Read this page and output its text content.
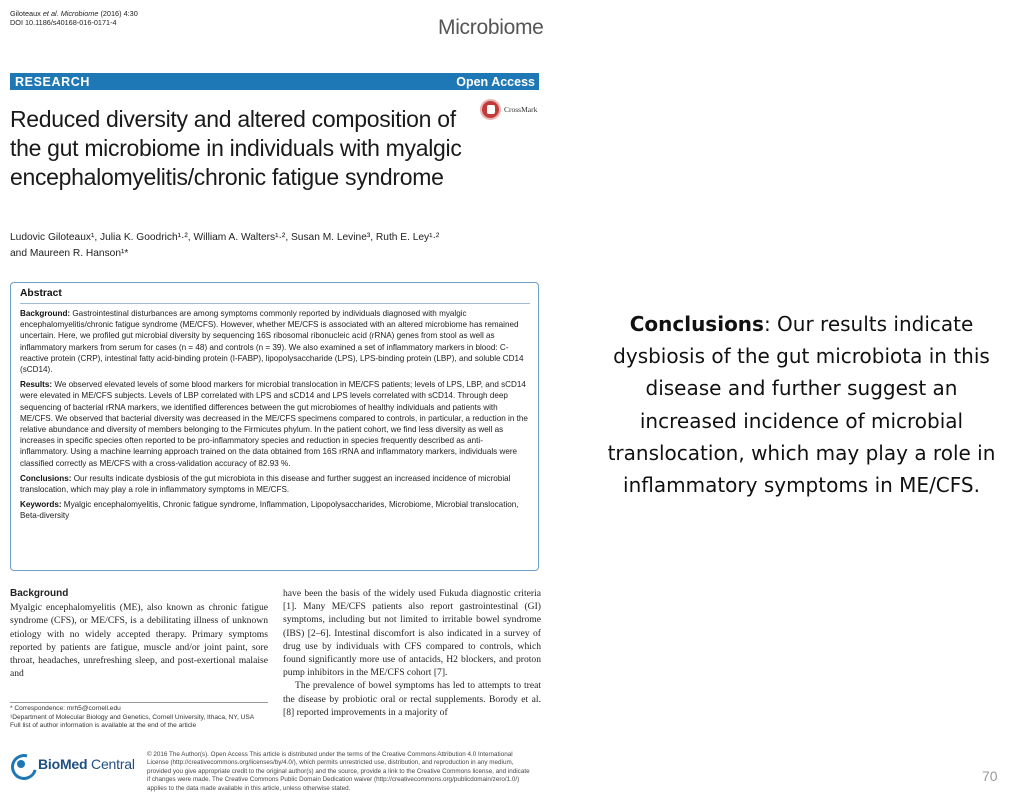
Giloteaux et al. Microbiome (2016) 4:30
DOI 10.1186/s40168-016-0171-4	Microbiome
RESEARCH	Open Access
Reduced diversity and altered composition of the gut microbiome in individuals with myalgic encephalomyelitis/chronic fatigue syndrome
CrossMark
Ludovic Giloteaux¹, Julia K. Goodrich¹·², William A. Walters¹·², Susan M. Levine³, Ruth E. Ley¹·²
and Maureen R. Hanson¹*
Abstract

Background: Gastrointestinal disturbances are among symptoms commonly reported by individuals diagnosed with myalgic encephalomyelitis/chronic fatigue syndrome (ME/CFS). However, whether ME/CFS is associated with an altered microbiome has remained uncertain. Here, we profiled gut microbial diversity by sequencing 16S ribosomal ribonucleic acid (rRNA) genes from stool as well as inflammatory markers from serum for cases (n = 48) and controls (n = 39). We also examined a set of inflammatory markers in blood: C-reactive protein (CRP), intestinal fatty acid-binding protein (I-FABP), lipopolysaccharide (LPS), LPS-binding protein (LBP), and soluble CD14 (sCD14).

Results: We observed elevated levels of some blood markers for microbial translocation in ME/CFS patients; levels of LPS, LBP, and sCD14 were elevated in ME/CFS subjects. Levels of LBP correlated with LPS and sCD14 and LPS levels correlated with sCD14. Through deep sequencing of bacterial rRNA markers, we identified differences between the gut microbiomes of healthy individuals and patients with ME/CFS. We observed that bacterial diversity was decreased in the ME/CFS specimens compared to controls, in particular, a reduction in the relative abundance and diversity of members belonging to the Firmicutes phylum. In the patient cohort, we find less diversity as well as increases in specific species often reported to be pro-inflammatory species and reduction in species frequently described as anti-inflammatory. Using a machine learning approach trained on the data obtained from 16S rRNA and inflammatory markers, individuals were classified correctly as ME/CFS with a cross-validation accuracy of 82.93 %.

Conclusions: Our results indicate dysbiosis of the gut microbiota in this disease and further suggest an increased incidence of microbial translocation, which may play a role in inflammatory symptoms in ME/CFS.

Keywords: Myalgic encephalomyelitis, Chronic fatigue syndrome, Inflammation, Lipopolysaccharides, Microbiome, Microbial translocation, Beta-diversity

Background

Myalgic encephalomyelitis (ME), also known as chronic fatigue syndrome (CFS), or ME/CFS, is a debilitating illness of unknown etiology with no widely accepted therapy. Primary symptoms reported by patients are fatigue, muscle and/or joint paint, sore throat, headaches, unrefreshing sleep, and post-exertional malaise and

have been the basis of the widely used Fukuda diagnostic criteria [1]. Many ME/CFS patients also report gastrointestinal (GI) symptoms, including but not limited to irritable bowel syndrome (IBS) [2–6]. Intestinal discomfort is also indicated in a survey of drug use by individuals with CFS compared to controls, which found significantly more use of antacids, H2 blockers, and proton pump inhibitors in the ME/CFS cohort [7].

The prevalence of bowel symptoms has led to attempts to treat the disease by probiotic oral or rectal supplements. Borody et al. [8] reported improvements in a majority of

* Correspondence: mrh5@cornell.edu
¹Department of Molecular Biology and Genetics, Cornell University, Ithaca, NY, USA
Full list of author information is available at the end of the article
BioMed Central
© 2016 The Author(s). Open Access This article is distributed under the terms of the Creative Commons Attribution 4.0 International License (http://creativecommons.org/licenses/by/4.0/), which permits unrestricted use, distribution, and reproduction in any medium, provided you give appropriate credit to the original author(s) and the source, provide a link to the Creative Commons license, and indicate if changes were made. The Creative Commons Public Domain Dedication waiver (http://creativecommons.org/publicdomain/zero/1.0/) applies to the data made available in this article, unless otherwise stated.
Conclusions: Our results indicate dysbiosis of the gut microbiota in this disease and further suggest an increased incidence of microbial translocation, which may play a role in inflammatory symptoms in ME/CFS.
70
